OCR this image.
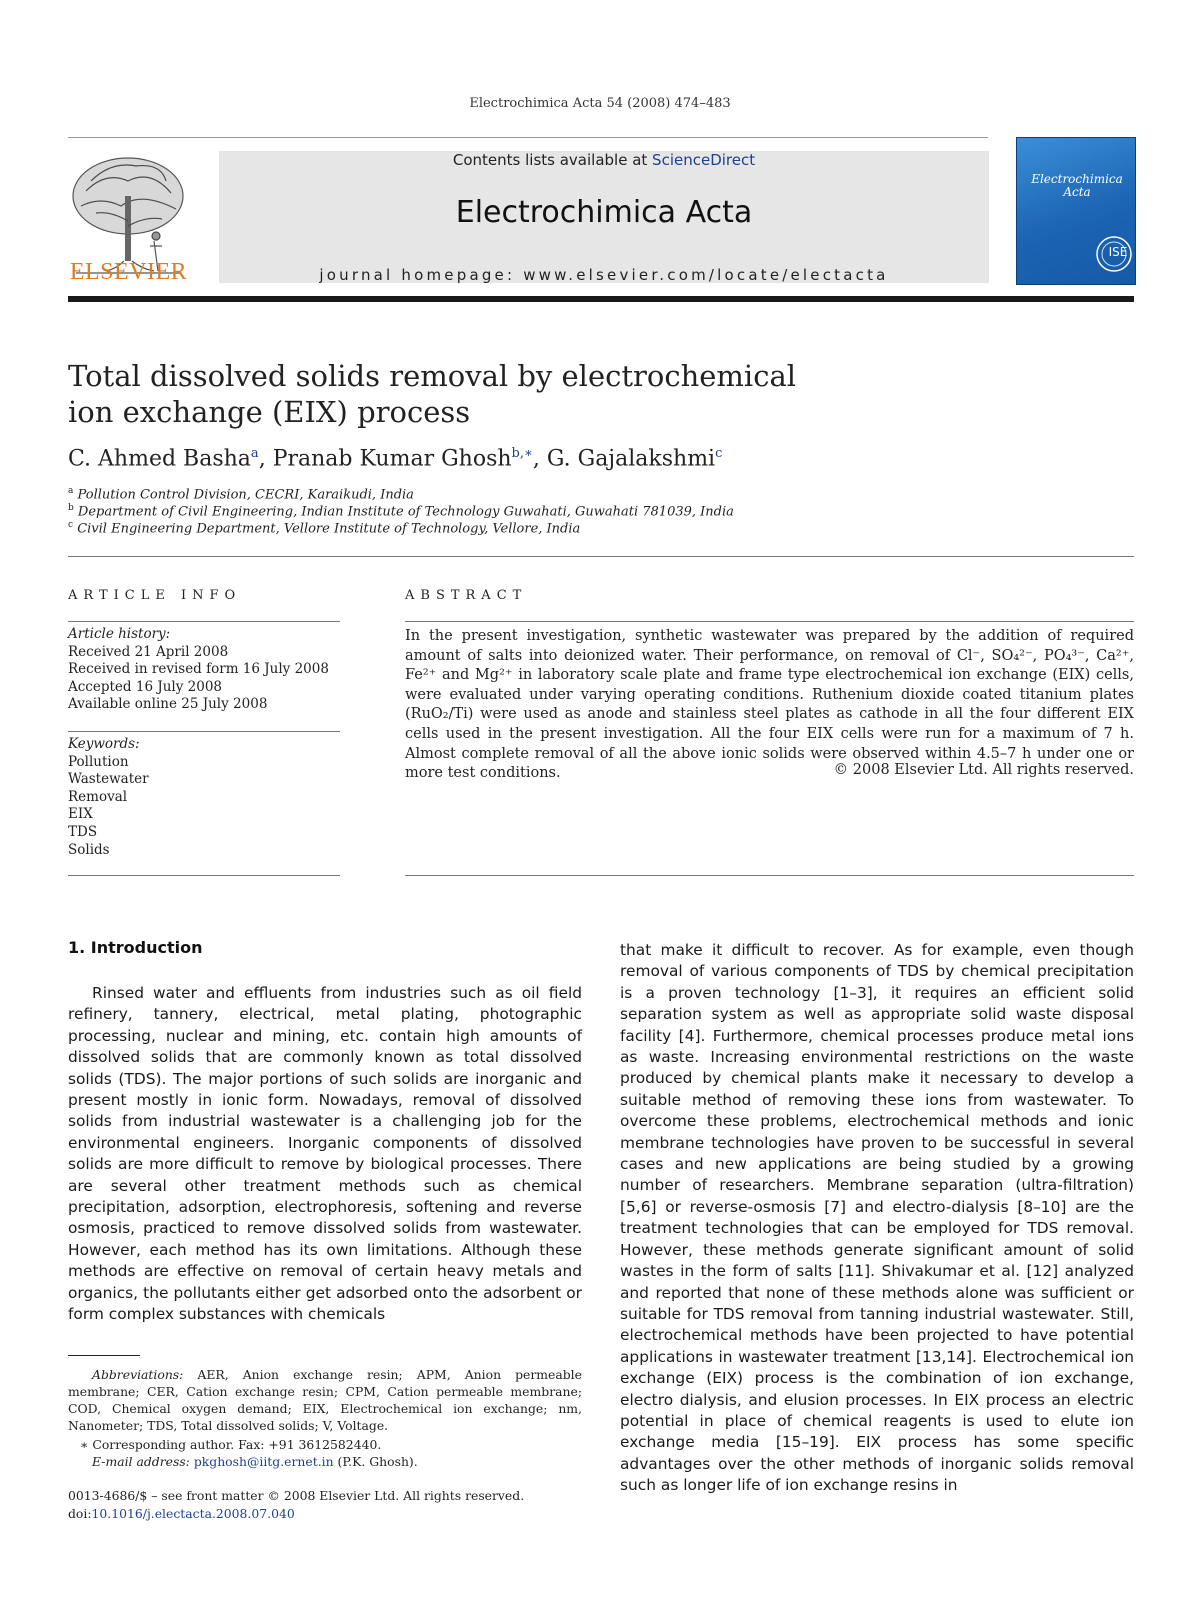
Electrochimica Acta 54 (2008) 474–483
Contents lists available at ScienceDirect
Electrochimica Acta
journal homepage: www.elsevier.com/locate/electacta
ELSEVIER
Electrochimica
Acta
ISE
Total dissolved solids removal by electrochemical
ion exchange (EIX) process
C. Ahmed Basha$^a$, Pranab Kumar Ghosh$^{b,∗}$, G. Gajalakshmi$^c$
$^a$ Pollution Control Division, CECRI, Karaikudi, India
$^b$ Department of Civil Engineering, Indian Institute of Technology Guwahati, Guwahati 781039, India
$^c$ Civil Engineering Department, Vellore Institute of Technology, Vellore, India
ARTICLE INFO
Article history:
Received 21 April 2008
Received in revised form 16 July 2008
Accepted 16 July 2008
Available online 25 July 2008
Keywords:
Pollution
Wastewater
Removal
EIX
TDS
Solids
ABSTRACT
In the present investigation, synthetic wastewater was prepared by the addition of required amount of salts into deionized water. Their performance, on removal of Cl⁻, SO₄²⁻, PO₄³⁻, Ca²⁺, Fe²⁺ and Mg²⁺ in laboratory scale plate and frame type electrochemical ion exchange (EIX) cells, were evaluated under varying operating conditions. Ruthenium dioxide coated titanium plates (RuO₂/Ti) were used as anode and stainless steel plates as cathode in all the four different EIX cells used in the present investigation. All the four EIX cells were run for a maximum of 7 h. Almost complete removal of all the above ionic solids were observed within 4.5–7 h under one or more test conditions.	© 2008 Elsevier Ltd. All rights reserved.
1. Introduction
Rinsed water and effluents from industries such as oil field refinery, tannery, electrical, metal plating, photographic processing, nuclear and mining, etc. contain high amounts of dissolved solids that are commonly known as total dissolved solids (TDS). The major portions of such solids are inorganic and present mostly in ionic form. Nowadays, removal of dissolved solids from industrial wastewater is a challenging job for the environmental engineers. Inorganic components of dissolved solids are more difficult to remove by biological processes. There are several other treatment methods such as chemical precipitation, adsorption, electrophoresis, softening and reverse osmosis, practiced to remove dissolved solids from wastewater. However, each method has its own limitations. Although these methods are effective on removal of certain heavy metals and organics, the pollutants either get adsorbed onto the adsorbent or form complex substances with chemicals
that make it difficult to recover. As for example, even though removal of various components of TDS by chemical precipitation is a proven technology [1–3], it requires an efficient solid separation system as well as appropriate solid waste disposal facility [4]. Furthermore, chemical processes produce metal ions as waste. Increasing environmental restrictions on the waste produced by chemical plants make it necessary to develop a suitable method of removing these ions from wastewater. To overcome these problems, electrochemical methods and ionic membrane technologies have proven to be successful in several cases and new applications are being studied by a growing number of researchers. Membrane separation (ultra-filtration) [5,6] or reverse-osmosis [7] and electro-dialysis [8–10] are the treatment technologies that can be employed for TDS removal. However, these methods generate significant amount of solid wastes in the form of salts [11]. Shivakumar et al. [12] analyzed and reported that none of these methods alone was sufficient or suitable for TDS removal from tanning industrial wastewater. Still, electrochemical methods have been projected to have potential applications in wastewater treatment [13,14]. Electrochemical ion exchange (EIX) process is the combination of ion exchange, electro dialysis, and elusion processes. In EIX process an electric potential in place of chemical reagents is used to elute ion exchange media [15–19]. EIX process has some specific advantages over the other methods of inorganic solids removal such as longer life of ion exchange resins in
Abbreviations: AER, Anion exchange resin; APM, Anion permeable membrane; CER, Cation exchange resin; CPM, Cation permeable membrane; COD, Chemical oxygen demand; EIX, Electrochemical ion exchange; nm, Nanometer; TDS, Total dissolved solids; V, Voltage.
∗ Corresponding author. Fax: +91 3612582440.
E-mail address: pkghosh@iitg.ernet.in (P.K. Ghosh).
0013-4686/$ – see front matter © 2008 Elsevier Ltd. All rights reserved.
doi:10.1016/j.electacta.2008.07.040
